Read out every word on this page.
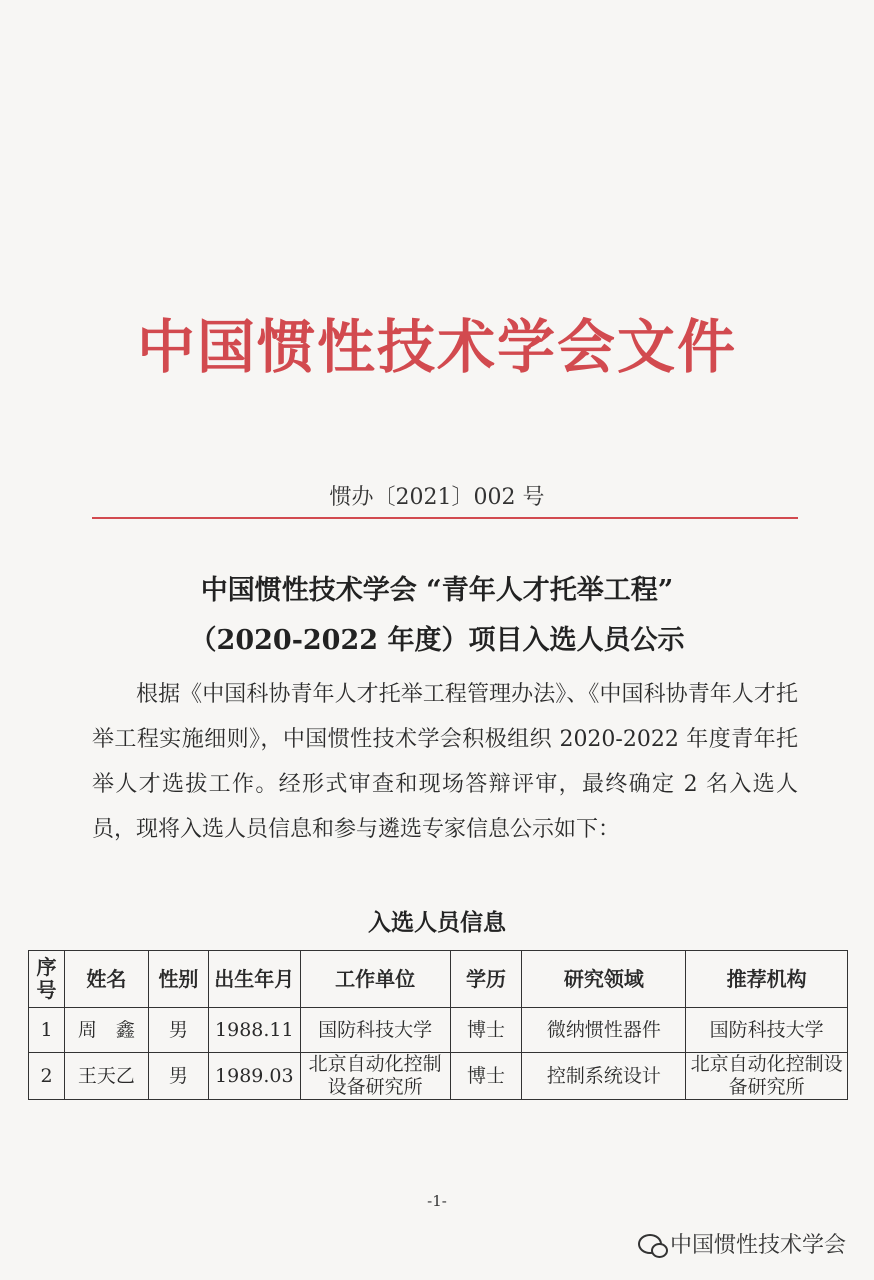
中国惯性技术学会文件
惯办〔2021〕002 号
中国惯性技术学会 “青年人才托举工程”
（2020-2022 年度）项目入选人员公示
根据《中国科协青年人才托举工程管理办法》、《中国科协青年人才托举工程实施细则》，中国惯性技术学会积极组织 2020-2022 年度青年托举人才选拔工作。经形式审查和现场答辩评审，最终确定 2 名入选人员，现将入选人员信息和参与遴选专家信息公示如下：
入选人员信息
序号	姓名	性别	出生年月	工作单位	学历	研究领域	推荐机构
1	周　鑫	男	1988.11	国防科技大学	博士	微纳惯性器件	国防科技大学
2	王天乙	男	1989.03	北京自动化控制设备研究所	博士	控制系统设计	北京自动化控制设备研究所
-1-
中国惯性技术学会
